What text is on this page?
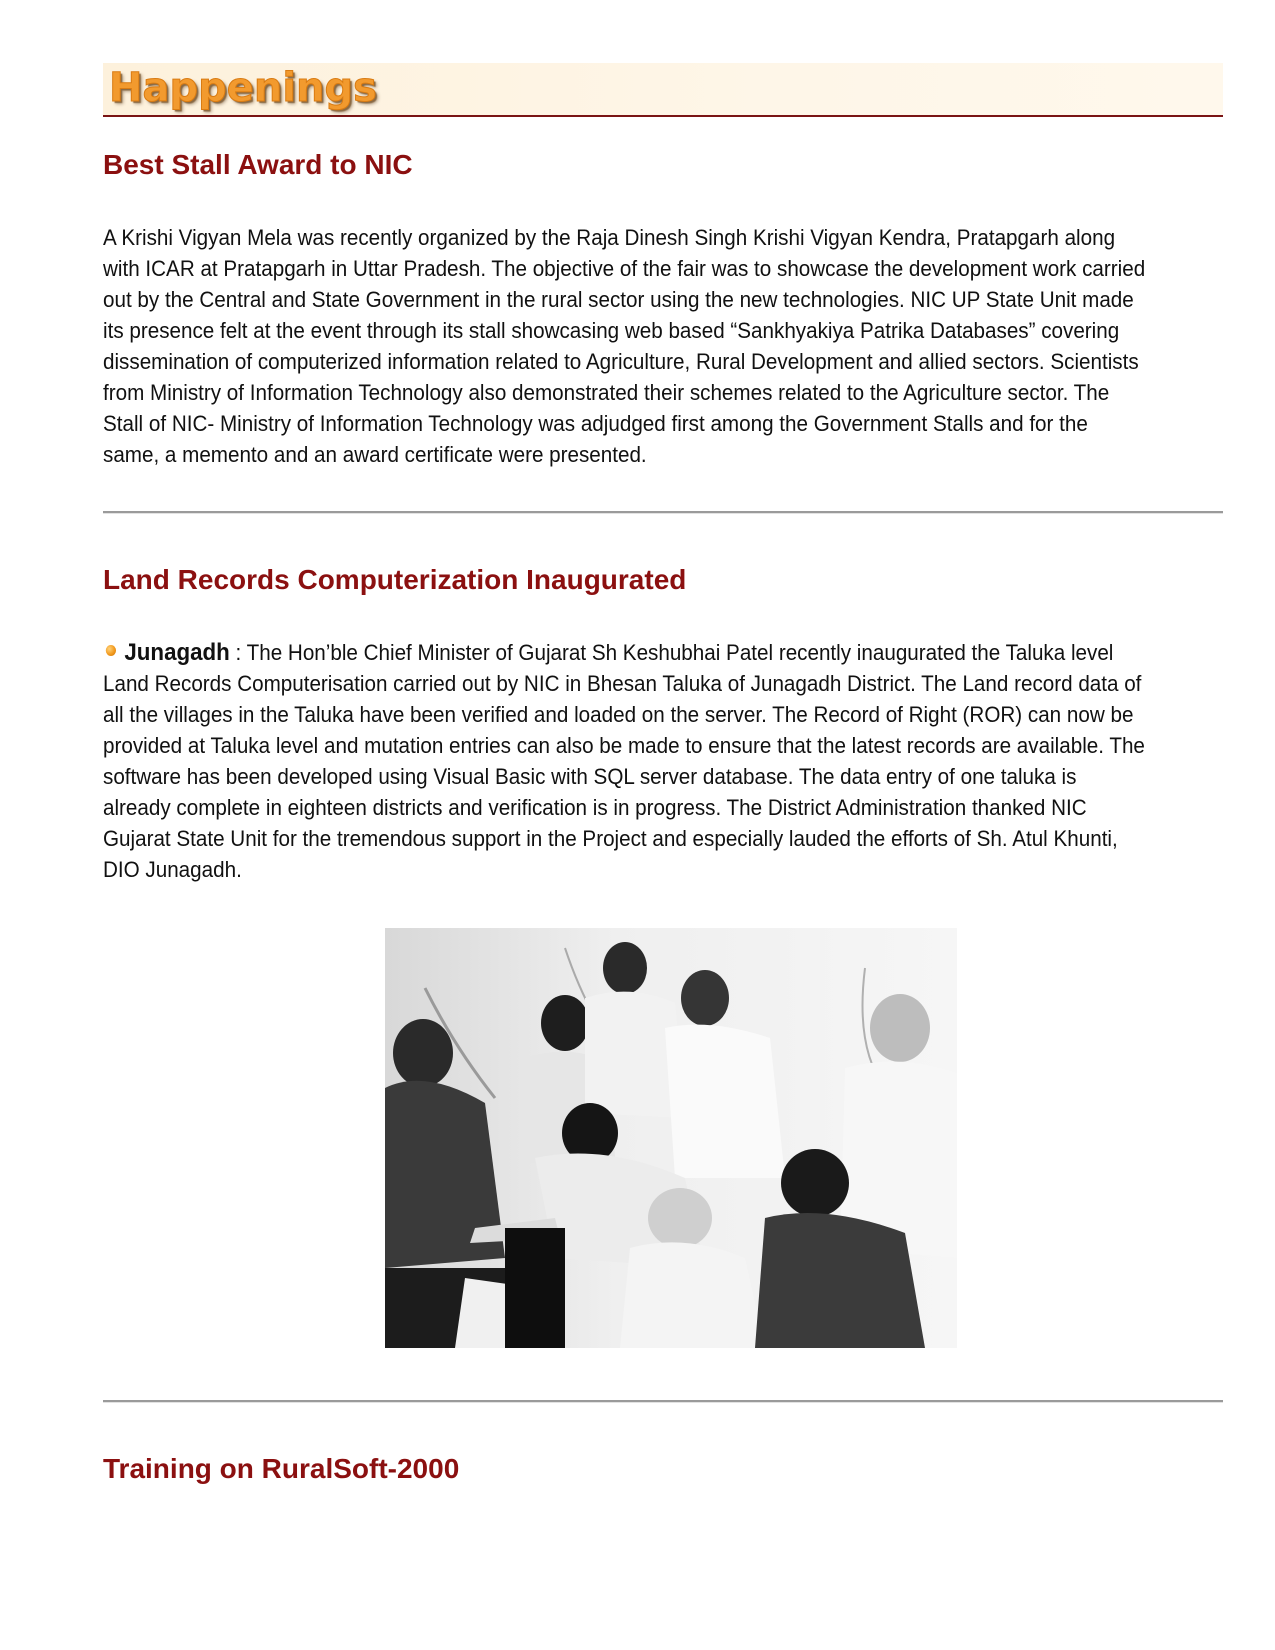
Happenings
Best Stall Award to NIC

A Krishi Vigyan Mela was recently organized by the Raja Dinesh Singh Krishi Vigyan Kendra, Pratapgarh along with ICAR at Pratapgarh in Uttar Pradesh. The objective of the fair was to showcase the development work carried out by the Central and State Government in the rural sector using the new technologies. NIC UP State Unit made its presence felt at the event through its stall showcasing web based “Sankhyakiya Patrika Databases” covering dissemination of computerized information related to Agriculture, Rural Development and allied sectors. Scientists from Ministry of Information Technology also demonstrated their schemes related to the Agriculture sector. The Stall of NIC- Ministry of Information Technology was adjudged first among the Government Stalls and for the same, a memento and an award certificate were presented.

Land Records Computerization Inaugurated

Junagadh : The Hon’ble Chief Minister of Gujarat Sh Keshubhai Patel recently inaugurated the Taluka level Land Records Computerisation carried out by NIC in Bhesan Taluka of Junagadh District. The Land record data of all the villages in the Taluka have been verified and loaded on the server. The Record of Right (ROR) can now be provided at Taluka level and mutation entries can also be made to ensure that the latest records are available. The software has been developed using Visual Basic with SQL server database. The data entry of one taluka is already complete in eighteen districts and verification is in progress. The District Administration thanked NIC Gujarat State Unit for the tremendous support in the Project and especially lauded the efforts of Sh. Atul Khunti, DIO Junagadh.

Training on RuralSoft-2000
